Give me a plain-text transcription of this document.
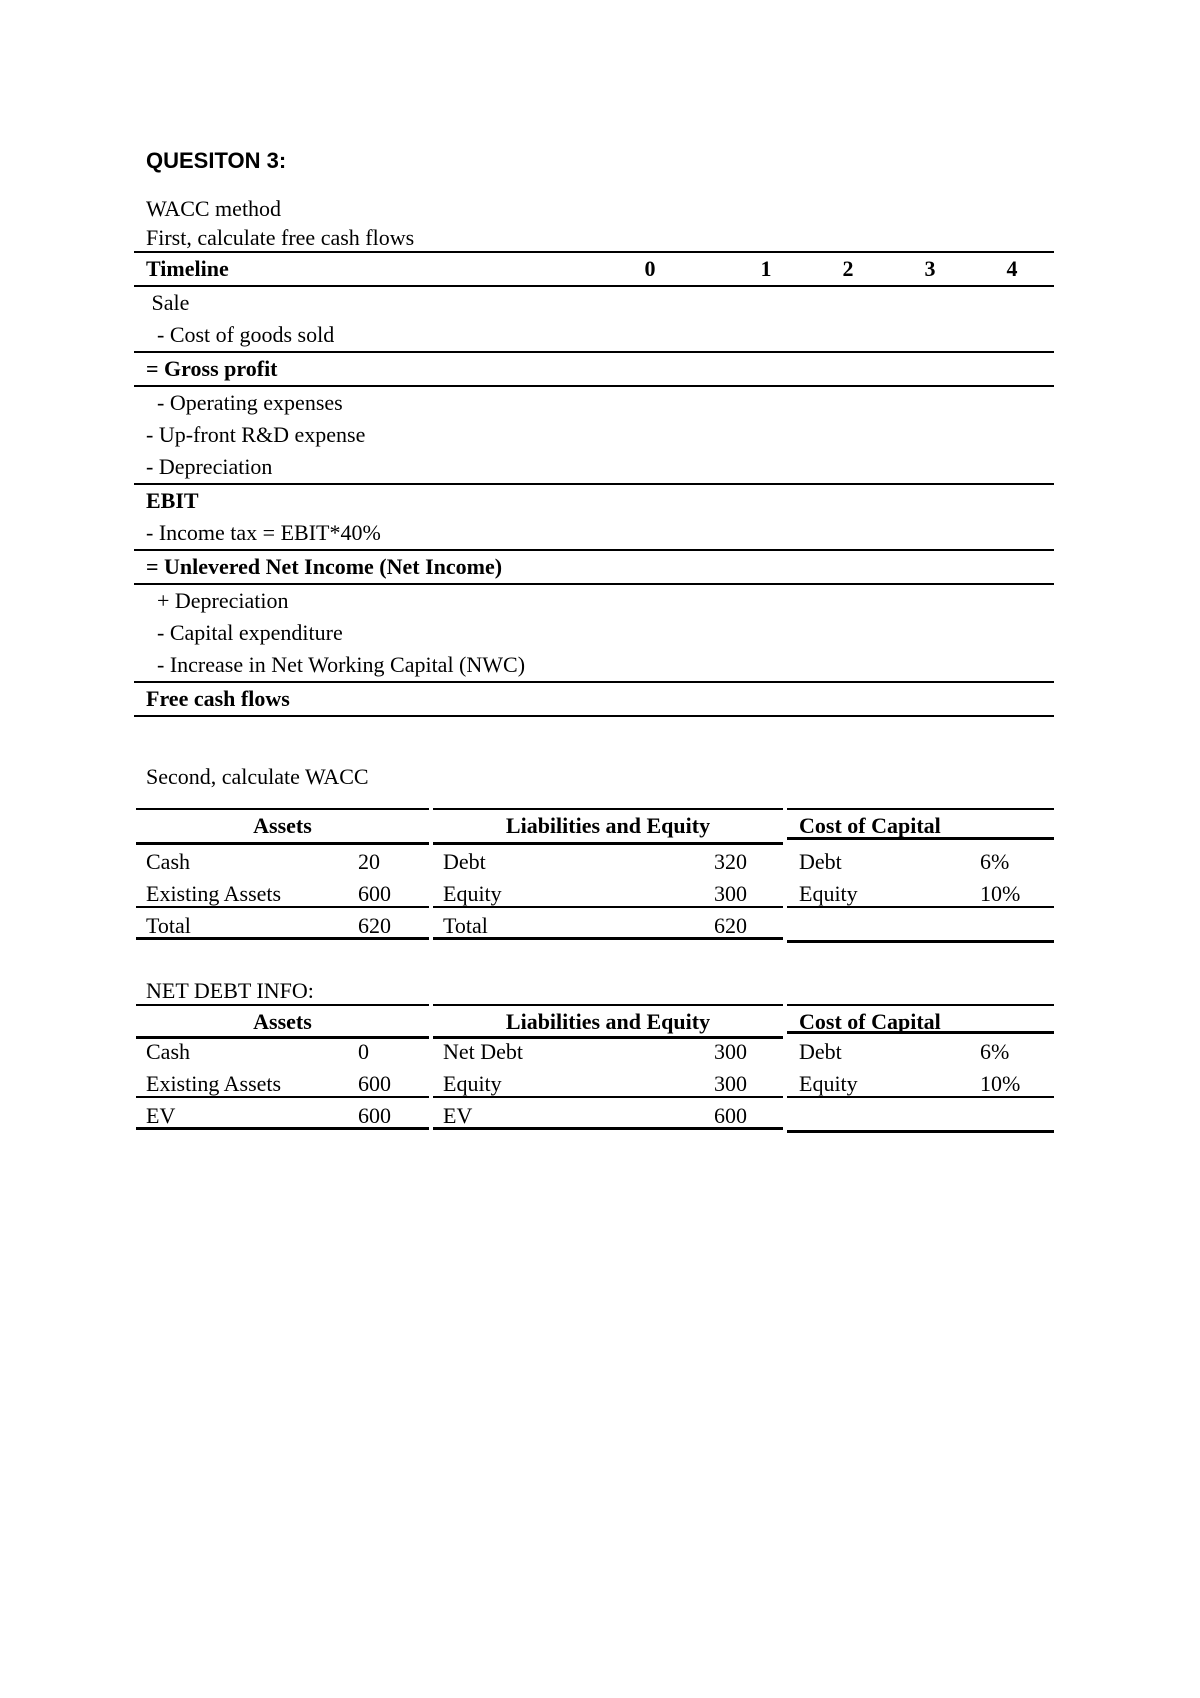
QUESITON 3:
WACC method
First, calculate free cash flows
Timeline	0	1	2	3	4
Sale
- Cost of goods sold
= Gross profit
- Operating expenses
- Up-front R&D expense
- Depreciation
EBIT
- Income tax = EBIT*40%
= Unlevered Net Income (Net Income)
+ Depreciation
- Capital expenditure
- Increase in Net Working Capital (NWC)
Free cash flows
Second, calculate WACC
Assets	Liabilities and Equity	Cost of Capital
Cash	20	Debt	320 Debt	6%
Existing Assets	600	Equity	300	Equity	10%
Total	620	Total	620
NET DEBT INFO:
Assets	Liabilities and Equity	Cost of Capital
Cash	0	Net Debt	300 Debt	6%
Existing Assets	600	Equity	300	Equity	10%
EV	600	EV	600
